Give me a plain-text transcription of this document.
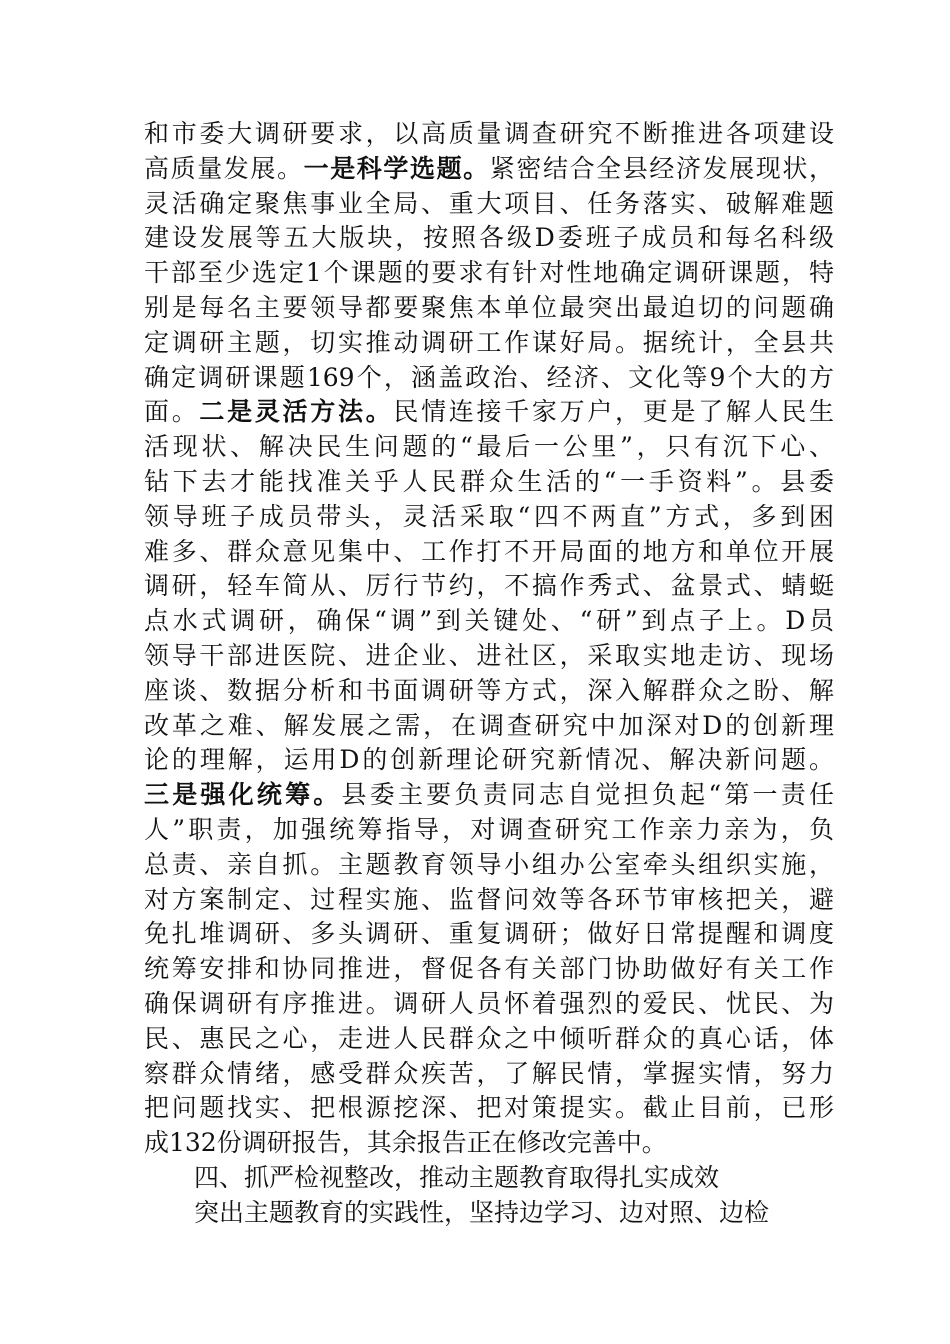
和市委大调研要求，以高质量调查研究不断推进各项建设
高质量发展。一是科学选题。紧密结合全县经济发展现状，
灵活确定聚焦事业全局、重大项目、任务落实、破解难题
建设发展等五大版块，按照各级D委班子成员和每名科级
干部至少选定1个课题的要求有针对性地确定调研课题，特
别是每名主要领导都要聚焦本单位最突出最迫切的问题确
定调研主题，切实推动调研工作谋好局。据统计，全县共
确定调研课题169个，涵盖政治、经济、文化等9个大的方
面。二是灵活方法。民情连接千家万户，更是了解人民生
活现状、解决民生问题的“最后一公里”，只有沉下心、
钻下去才能找准关乎人民群众生活的“一手资料”。县委
领导班子成员带头，灵活采取“四不两直”方式，多到困
难多、群众意见集中、工作打不开局面的地方和单位开展
调研，轻车简从、厉行节约，不搞作秀式、盆景式、蜻蜓
点水式调研，确保“调”到关键处、“研”到点子上。D员
领导干部进医院、进企业、进社区，采取实地走访、现场
座谈、数据分析和书面调研等方式，深入解群众之盼、解
改革之难、解发展之需，在调查研究中加深对D的创新理
论的理解，运用D的创新理论研究新情况、解决新问题。
三是强化统筹。县委主要负责同志自觉担负起“第一责任
人”职责，加强统筹指导，对调查研究工作亲力亲为，负
总责、亲自抓。主题教育领导小组办公室牵头组织实施，
对方案制定、过程实施、监督问效等各环节审核把关，避
免扎堆调研、多头调研、重复调研；做好日常提醒和调度
统筹安排和协同推进，督促各有关部门协助做好有关工作
确保调研有序推进。调研人员怀着强烈的爱民、忧民、为
民、惠民之心，走进人民群众之中倾听群众的真心话，体
察群众情绪，感受群众疾苦，了解民情，掌握实情，努力
把问题找实、把根源挖深、把对策提实。截止目前，已形
成132份调研报告，其余报告正在修改完善中。
四、抓严检视整改，推动主题教育取得扎实成效
突出主题教育的实践性，坚持边学习、边对照、边检
